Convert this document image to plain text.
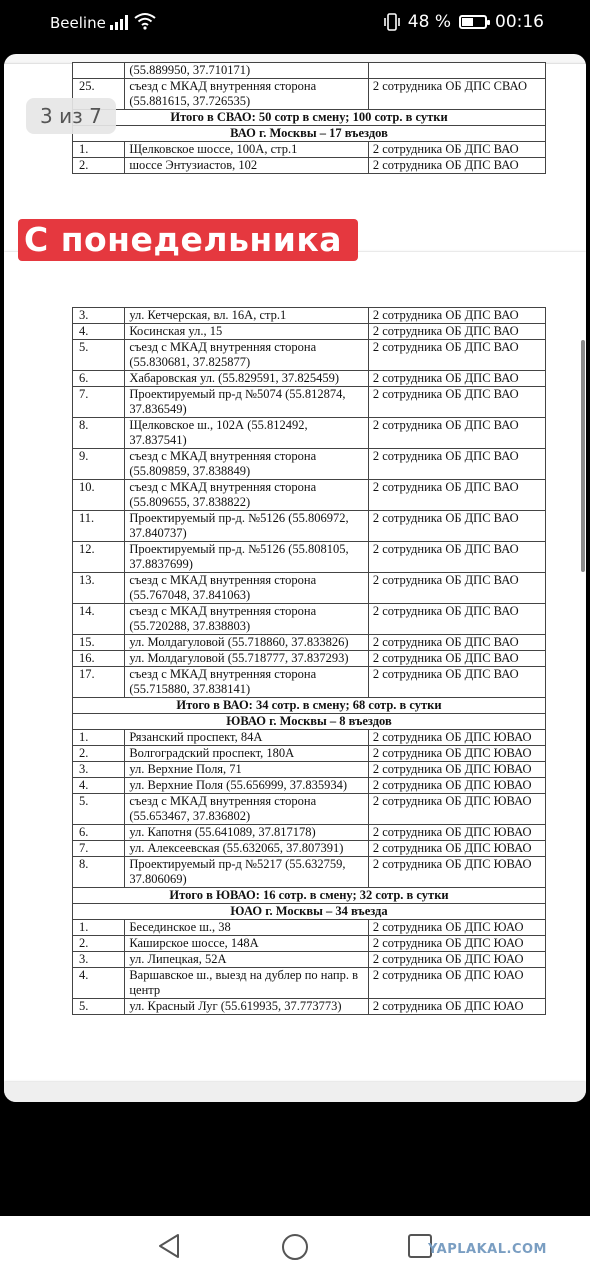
Beeline	48 %	00:16
	(55.889950, 37.710171)	
25.	съезд с МКАД внутренняя сторона (55.881615, 37.726535)	2 сотрудника ОБ ДПС СВАО
Итого в СВАО: 50 сотр в смену; 100 сотр. в сутки		
ВАО г. Москвы – 17 въездов		
1.	Щелковское шоссе, 100А, стр.1	2 сотрудника ОБ ДПС ВАО
2.	шоссе Энтузиастов, 102	2 сотрудника ОБ ДПС ВАО
3.	ул. Кетчерская, вл. 16А, стр.1	2 сотрудника ОБ ДПС ВАО
4.	Косинская ул., 15	2 сотрудника ОБ ДПС ВАО
5.	съезд с МКАД внутренняя сторона (55.830681, 37.825877)	2 сотрудника ОБ ДПС ВАО
6.	Хабаровская ул. (55.829591, 37.825459)	2 сотрудника ОБ ДПС ВАО
7.	Проектируемый пр-д №5074 (55.812874, 37.836549)	2 сотрудника ОБ ДПС ВАО
8.	Щелковское ш., 102А (55.812492, 37.837541)	2 сотрудника ОБ ДПС ВАО
9.	съезд с МКАД внутренняя сторона (55.809859, 37.838849)	2 сотрудника ОБ ДПС ВАО
10.	съезд с МКАД внутренняя сторона (55.809655, 37.838822)	2 сотрудника ОБ ДПС ВАО
11.	Проектируемый пр-д. №5126 (55.806972, 37.840737)	2 сотрудника ОБ ДПС ВАО
12.	Проектируемый пр-д. №5126 (55.808105, 37.8837699)	2 сотрудника ОБ ДПС ВАО
13.	съезд с МКАД внутренняя сторона (55.767048, 37.841063)	2 сотрудника ОБ ДПС ВАО
14.	съезд с МКАД внутренняя сторона (55.720288, 37.838803)	2 сотрудника ОБ ДПС ВАО
15.	ул. Молдагуловой (55.718860, 37.833826)	2 сотрудника ОБ ДПС ВАО
16.	ул. Молдагуловой (55.718777, 37.837293)	2 сотрудника ОБ ДПС ВАО
17.	съезд с МКАД внутренняя сторона (55.715880, 37.838141)	2 сотрудника ОБ ДПС ВАО
Итого в ВАО: 34 сотр. в смену; 68 сотр. в сутки		
ЮВАО г. Москвы – 8 въездов		
1.	Рязанский проспект, 84А	2 сотрудника ОБ ДПС ЮВАО
2.	Волгоградский проспект, 180А	2 сотрудника ОБ ДПС ЮВАО
3.	ул. Верхние Поля, 71	2 сотрудника ОБ ДПС ЮВАО
4.	ул. Верхние Поля (55.656999, 37.835934)	2 сотрудника ОБ ДПС ЮВАО
5.	съезд с МКАД внутренняя сторона (55.653467, 37.836802)	2 сотрудника ОБ ДПС ЮВАО
6.	ул. Капотня (55.641089, 37.817178)	2 сотрудника ОБ ДПС ЮВАО
7.	ул. Алексеевская (55.632065, 37.807391)	2 сотрудника ОБ ДПС ЮВАО
8.	Проектируемый пр-д №5217 (55.632759, 37.806069)	2 сотрудника ОБ ДПС ЮВАО
Итого в ЮВАО: 16 сотр. в смену; 32 сотр. в сутки		
ЮАО г. Москвы – 34 въезда		
1.	Бесединское ш., 38	2 сотрудника ОБ ДПС ЮАО
2.	Каширское шоссе, 148А	2 сотрудника ОБ ДПС ЮАО
3.	ул. Липецкая, 52А	2 сотрудника ОБ ДПС ЮАО
4.	Варшавское ш., выезд на дублер по напр. в центр	2 сотрудника ОБ ДПС ЮАО
5.	ул. Красный Луг (55.619935, 37.773773)	2 сотрудника ОБ ДПС ЮАО
3 из 7
С понедельника
YAPLAKAL.COM
